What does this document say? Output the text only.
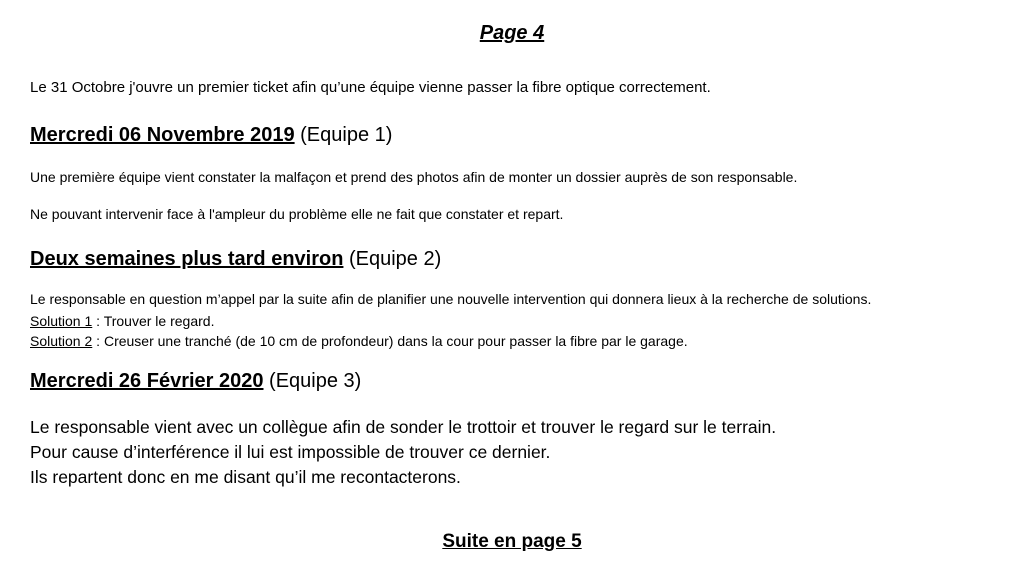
Page 4

Le 31 Octobre j'ouvre un premier ticket afin qu’une équipe vienne passer la fibre optique correctement.

Mercredi 06 Novembre 2019 (Equipe 1)

Une première équipe vient constater la malfaçon et prend des photos afin de monter un dossier auprès de son responsable.

Ne pouvant intervenir face à l'ampleur du problème elle ne fait que constater et repart.

Deux semaines plus tard environ (Equipe 2)

Le responsable en question m’appel par la suite afin de planifier une nouvelle intervention qui donnera lieux à la recherche de solutions.

Solution 1 : Trouver le regard.

Solution 2 : Creuser une tranché (de 10 cm de profondeur) dans la cour pour passer la fibre par le garage.

Mercredi 26 Février 2020 (Equipe 3)

Le responsable vient avec un collègue afin de sonder le trottoir et trouver le regard sur le terrain.

Pour cause d’interférence il lui est impossible de trouver ce dernier.

Ils repartent donc en me disant qu’il me recontacterons.

Suite en page 5
